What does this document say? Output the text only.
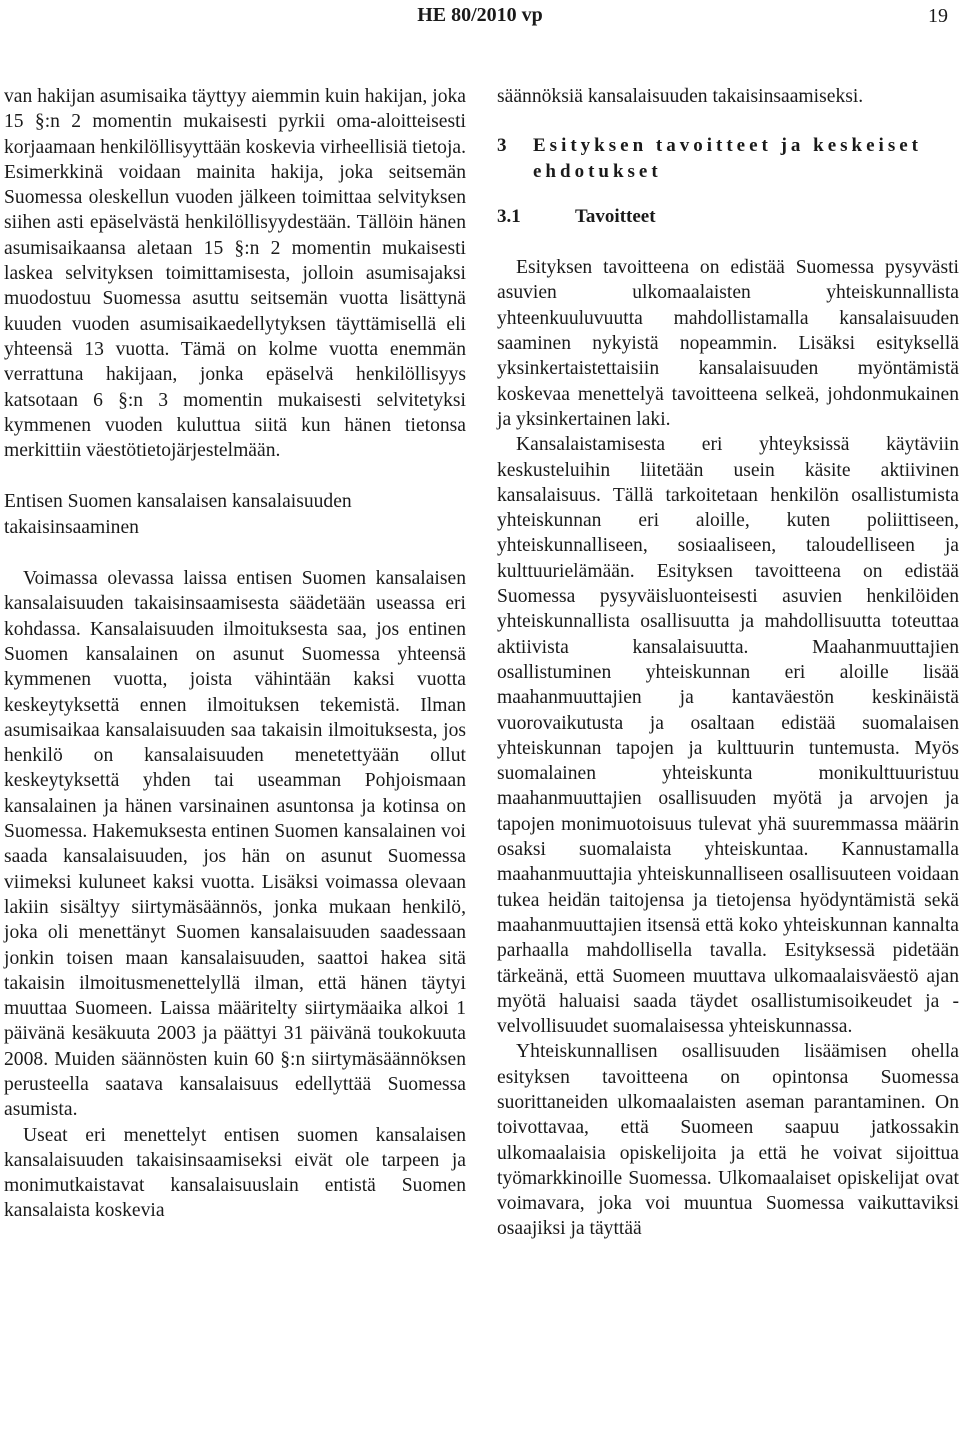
HE 80/2010 vp	19

van hakijan asumisaika täyttyy aiemmin kuin hakijan, joka 15 §:n 2 momentin mukaisesti pyrkii oma-aloitteisesti korjaamaan henkilöllisyyttään koskevia virheellisiä tietoja. Esimerkkinä voidaan mainita hakija, joka seitsemän Suomessa oleskellun vuoden jälkeen toimittaa selvityksen siihen asti epäselvästä henkilöllisyydestään. Tällöin hänen asumisaikaansa aletaan 15 §:n 2 momentin mukaisesti laskea selvityksen toimittamisesta, jolloin asumisajaksi muodostuu Suomessa asuttu seitsemän vuotta lisättynä kuuden vuoden asumisaikaedellytyksen täyttämisellä eli yhteensä 13 vuotta. Tämä on kolme vuotta enemmän verrattuna hakijaan, jonka epäselvä henkilöllisyys katsotaan 6 §:n 3 momentin mukaisesti selvitetyksi kymmenen vuoden kuluttua siitä kun hänen tietonsa merkittiin väestötietojärjestelmään.

Entisen Suomen kansalaisen kansalaisuuden takaisinsaaminen

Voimassa olevassa laissa entisen Suomen kansalaisen kansalaisuuden takaisinsaamisesta säädetään useassa eri kohdassa. Kansalaisuuden ilmoituksesta saa, jos entinen Suomen kansalainen on asunut Suomessa yhteensä kymmenen vuotta, joista vähintään kaksi vuotta keskeytyksettä ennen ilmoituksen tekemistä. Ilman asumisaikaa kansalaisuuden saa takaisin ilmoituksesta, jos henkilö on kansalaisuuden menetettyään ollut keskeytyksettä yhden tai useamman Pohjoismaan kansalainen ja hänen varsinainen asuntonsa ja kotinsa on Suomessa. Hakemuksesta entinen Suomen kansalainen voi saada kansalaisuuden, jos hän on asunut Suomessa viimeksi kuluneet kaksi vuotta. Lisäksi voimassa olevaan lakiin sisältyy siirtymäsäännös, jonka mukaan henkilö, joka oli menettänyt Suomen kansalaisuuden saadessaan jonkin toisen maan kansalaisuuden, saattoi hakea sitä takaisin ilmoitusmenettelyllä ilman, että hänen täytyi muuttaa Suomeen. Laissa määritelty siirtymäaika alkoi 1 päivänä kesäkuuta 2003 ja päättyi 31 päivänä toukokuuta 2008. Muiden säännösten kuin 60 §:n siirtymäsäännöksen perusteella saatava kansalaisuus edellyttää Suomessa asumista.

Useat eri menettelyt entisen suomen kansalaisen kansalaisuuden takaisinsaamiseksi eivät ole tarpeen ja monimutkaistavat kansalaisuuslain entistä Suomen kansalaista koskevia

säännöksiä kansalaisuuden takaisinsaamiseksi.

3	Esityksen tavoitteet ja keskeiset ehdotukset
3.1	Tavoitteet

Esityksen tavoitteena on edistää Suomessa pysyvästi asuvien ulkomaalaisten yhteiskunnallista yhteenkuuluvuutta mahdollistamalla kansalaisuuden saaminen nykyistä nopeammin. Lisäksi esityksellä yksinkertaistettaisiin kansalaisuuden myöntämistä koskevaa menettelyä tavoitteena selkeä, johdonmukainen ja yksinkertainen laki.

Kansalaistamisesta eri yhteyksissä käytäviin keskusteluihin liitetään usein käsite aktiivinen kansalaisuus. Tällä tarkoitetaan henkilön osallistumista yhteiskunnan eri aloille, kuten poliittiseen, yhteiskunnalliseen, sosiaaliseen, taloudelliseen ja kulttuurielämään. Esityksen tavoitteena on edistää Suomessa pysyväisluonteisesti asuvien henkilöiden yhteiskunnallista osallisuutta ja mahdollisuutta toteuttaa aktiivista kansalaisuutta. Maahanmuuttajien osallistuminen yhteiskunnan eri aloille lisää maahanmuuttajien ja kantaväestön keskinäistä vuorovaikutusta ja osaltaan edistää suomalaisen yhteiskunnan tapojen ja kulttuurin tuntemusta. Myös suomalainen yhteiskunta monikulttuuristuu maahanmuuttajien osallisuuden myötä ja arvojen ja tapojen monimuotoisuus tulevat yhä suuremmassa määrin osaksi suomalaista yhteiskuntaa. Kannustamalla maahanmuuttajia yhteiskunnalliseen osallisuuteen voidaan tukea heidän taitojensa ja tietojensa hyödyntämistä sekä maahanmuuttajien itsensä että koko yhteiskunnan kannalta parhaalla mahdollisella tavalla. Esityksessä pidetään tärkeänä, että Suomeen muuttava ulkomaalaisväestö ajan myötä haluaisi saada täydet osallistumisoikeudet ja -velvollisuudet suomalaisessa yhteiskunnassa.

Yhteiskunnallisen osallisuuden lisäämisen ohella esityksen tavoitteena on opintonsa Suomessa suorittaneiden ulkomaalaisten aseman parantaminen. On toivottavaa, että Suomeen saapuu jatkossakin ulkomaalaisia opiskelijoita ja että he voivat sijoittua työmarkkinoille Suomessa. Ulkomaalaiset opiskelijat ovat voimavara, joka voi muuntua Suomessa vaikuttaviksi osaajiksi ja täyttää
